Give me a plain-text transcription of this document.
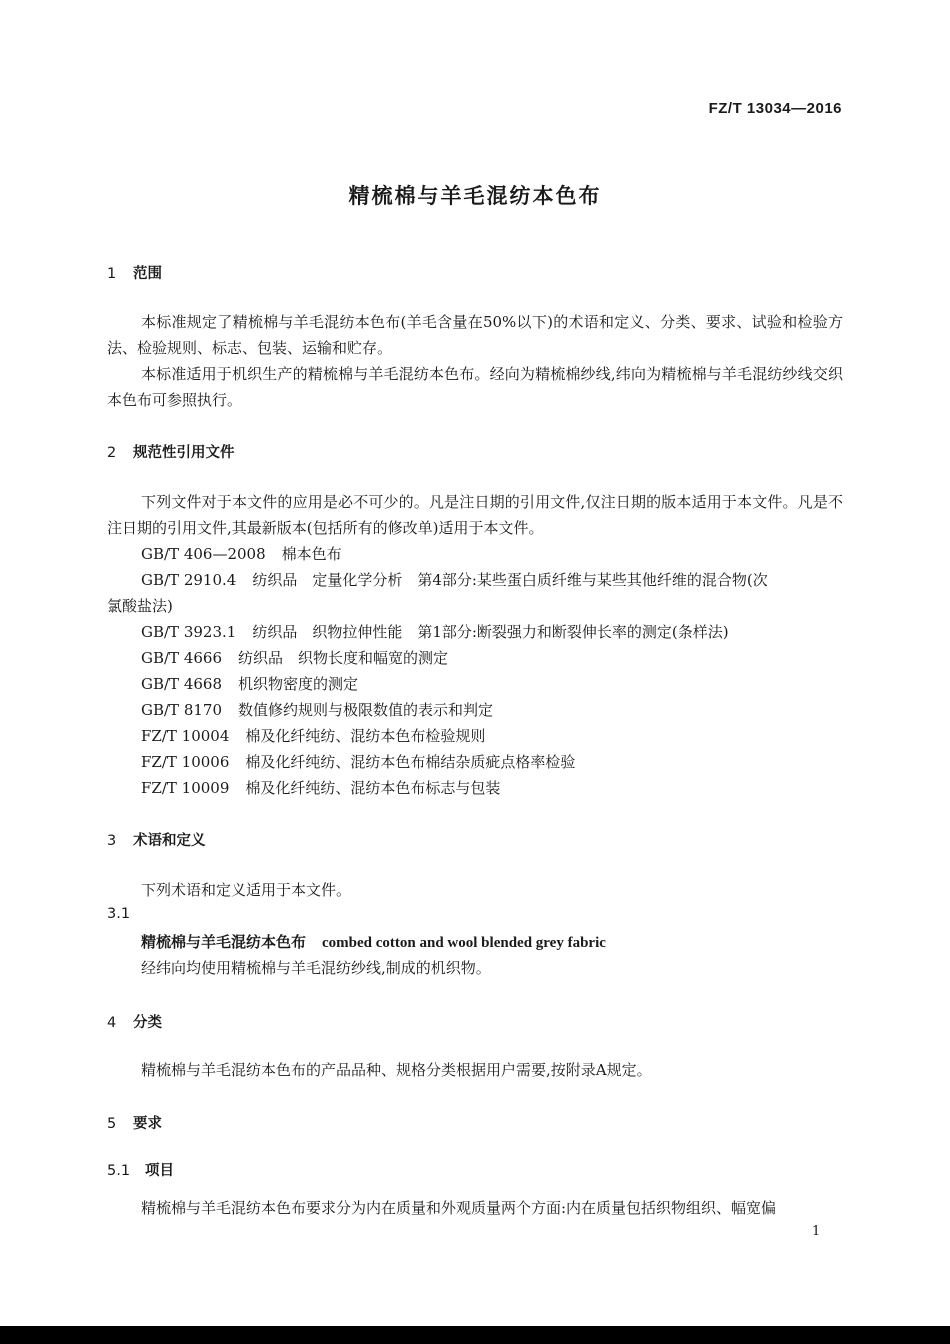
FZ/T 13034—2016
精梳棉与羊毛混纺本色布
1 范围
本标准规定了精梳棉与羊毛混纺本色布(羊毛含量在50%以下)的术语和定义、分类、要求、试验和检验方法、检验规则、标志、包装、运输和贮存。
本标准适用于机织生产的精梳棉与羊毛混纺本色布。经向为精梳棉纱线,纬向为精梳棉与羊毛混纺纱线交织本色布可参照执行。
2 规范性引用文件
下列文件对于本文件的应用是必不可少的。凡是注日期的引用文件,仅注日期的版本适用于本文件。凡是不注日期的引用文件,其最新版本(包括所有的修改单)适用于本文件。
GB/T 406—2008 棉本色布
GB/T 2910.4 纺织品　定量化学分析　第4部分:某些蛋白质纤维与某些其他纤维的混合物(次
氯酸盐法)
GB/T 3923.1 纺织品　织物拉伸性能　第1部分:断裂强力和断裂伸长率的测定(条样法)
GB/T 4666 纺织品　织物长度和幅宽的测定
GB/T 4668 机织物密度的测定
GB/T 8170 数值修约规则与极限数值的表示和判定
FZ/T 10004 棉及化纤纯纺、混纺本色布检验规则
FZ/T 10006 棉及化纤纯纺、混纺本色布棉结杂质疵点格率检验
FZ/T 10009 棉及化纤纯纺、混纺本色布标志与包装
3 术语和定义
下列术语和定义适用于本文件。
3.1
精梳棉与羊毛混纺本色布 combed cotton and wool blended grey fabric
经纬向均使用精梳棉与羊毛混纺纱线,制成的机织物。
4 分类
精梳棉与羊毛混纺本色布的产品品种、规格分类根据用户需要,按附录A规定。
5 要求
5.1 项目
精梳棉与羊毛混纺本色布要求分为内在质量和外观质量两个方面:内在质量包括织物组织、幅宽偏
1
